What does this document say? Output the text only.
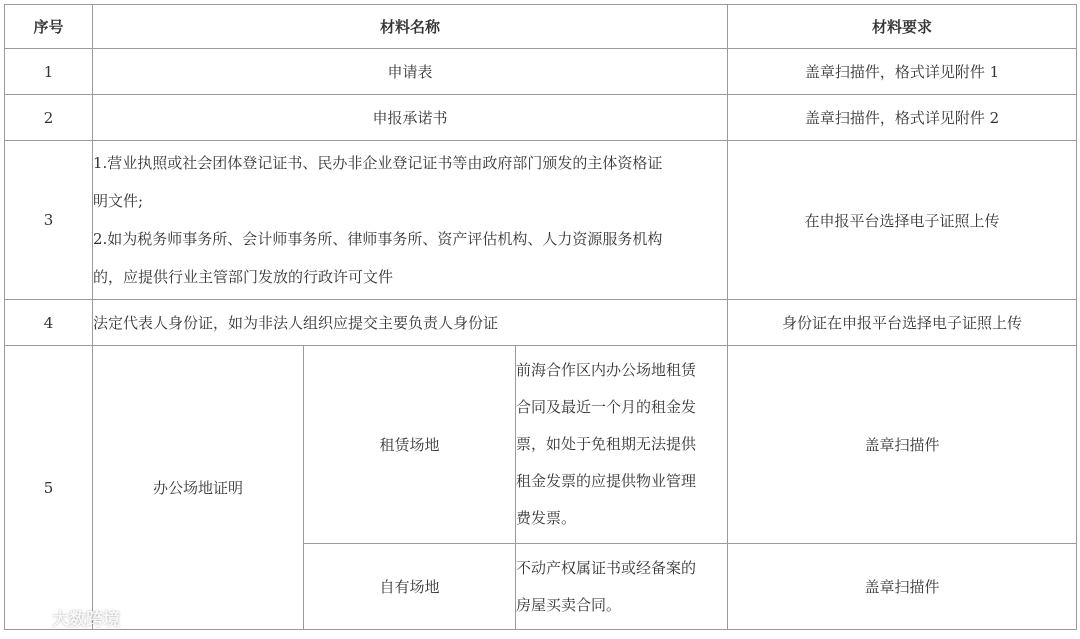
序号	材料名称			材料要求
1	申请表			盖章扫描件，格式详见附件 1
2	申报承诺书			盖章扫描件，格式详见附件 2
3	1.营业执照或社会团体登记证书、民办非企业登记证书等由政府部门颁发的主体资格证
明文件;
2.如为税务师事务所、会计师事务所、律师事务所、资产评估机构、人力资源服务机构
的，应提供行业主管部门发放的行政许可文件			在申报平台选择电子证照上传
4	法定代表人身份证，如为非法人组织应提交主要负责人身份证			身份证在申报平台选择电子证照上传
5	办公场地证明	租赁场地	前海合作区内办公场地租赁
合同及最近一个月的租金发
票，如处于免租期无法提供
租金发票的应提供物业管理
费发票。	盖章扫描件
		自有场地	不动产权属证书或经备案的
房屋买卖合同。	盖章扫描件
大数跨境
